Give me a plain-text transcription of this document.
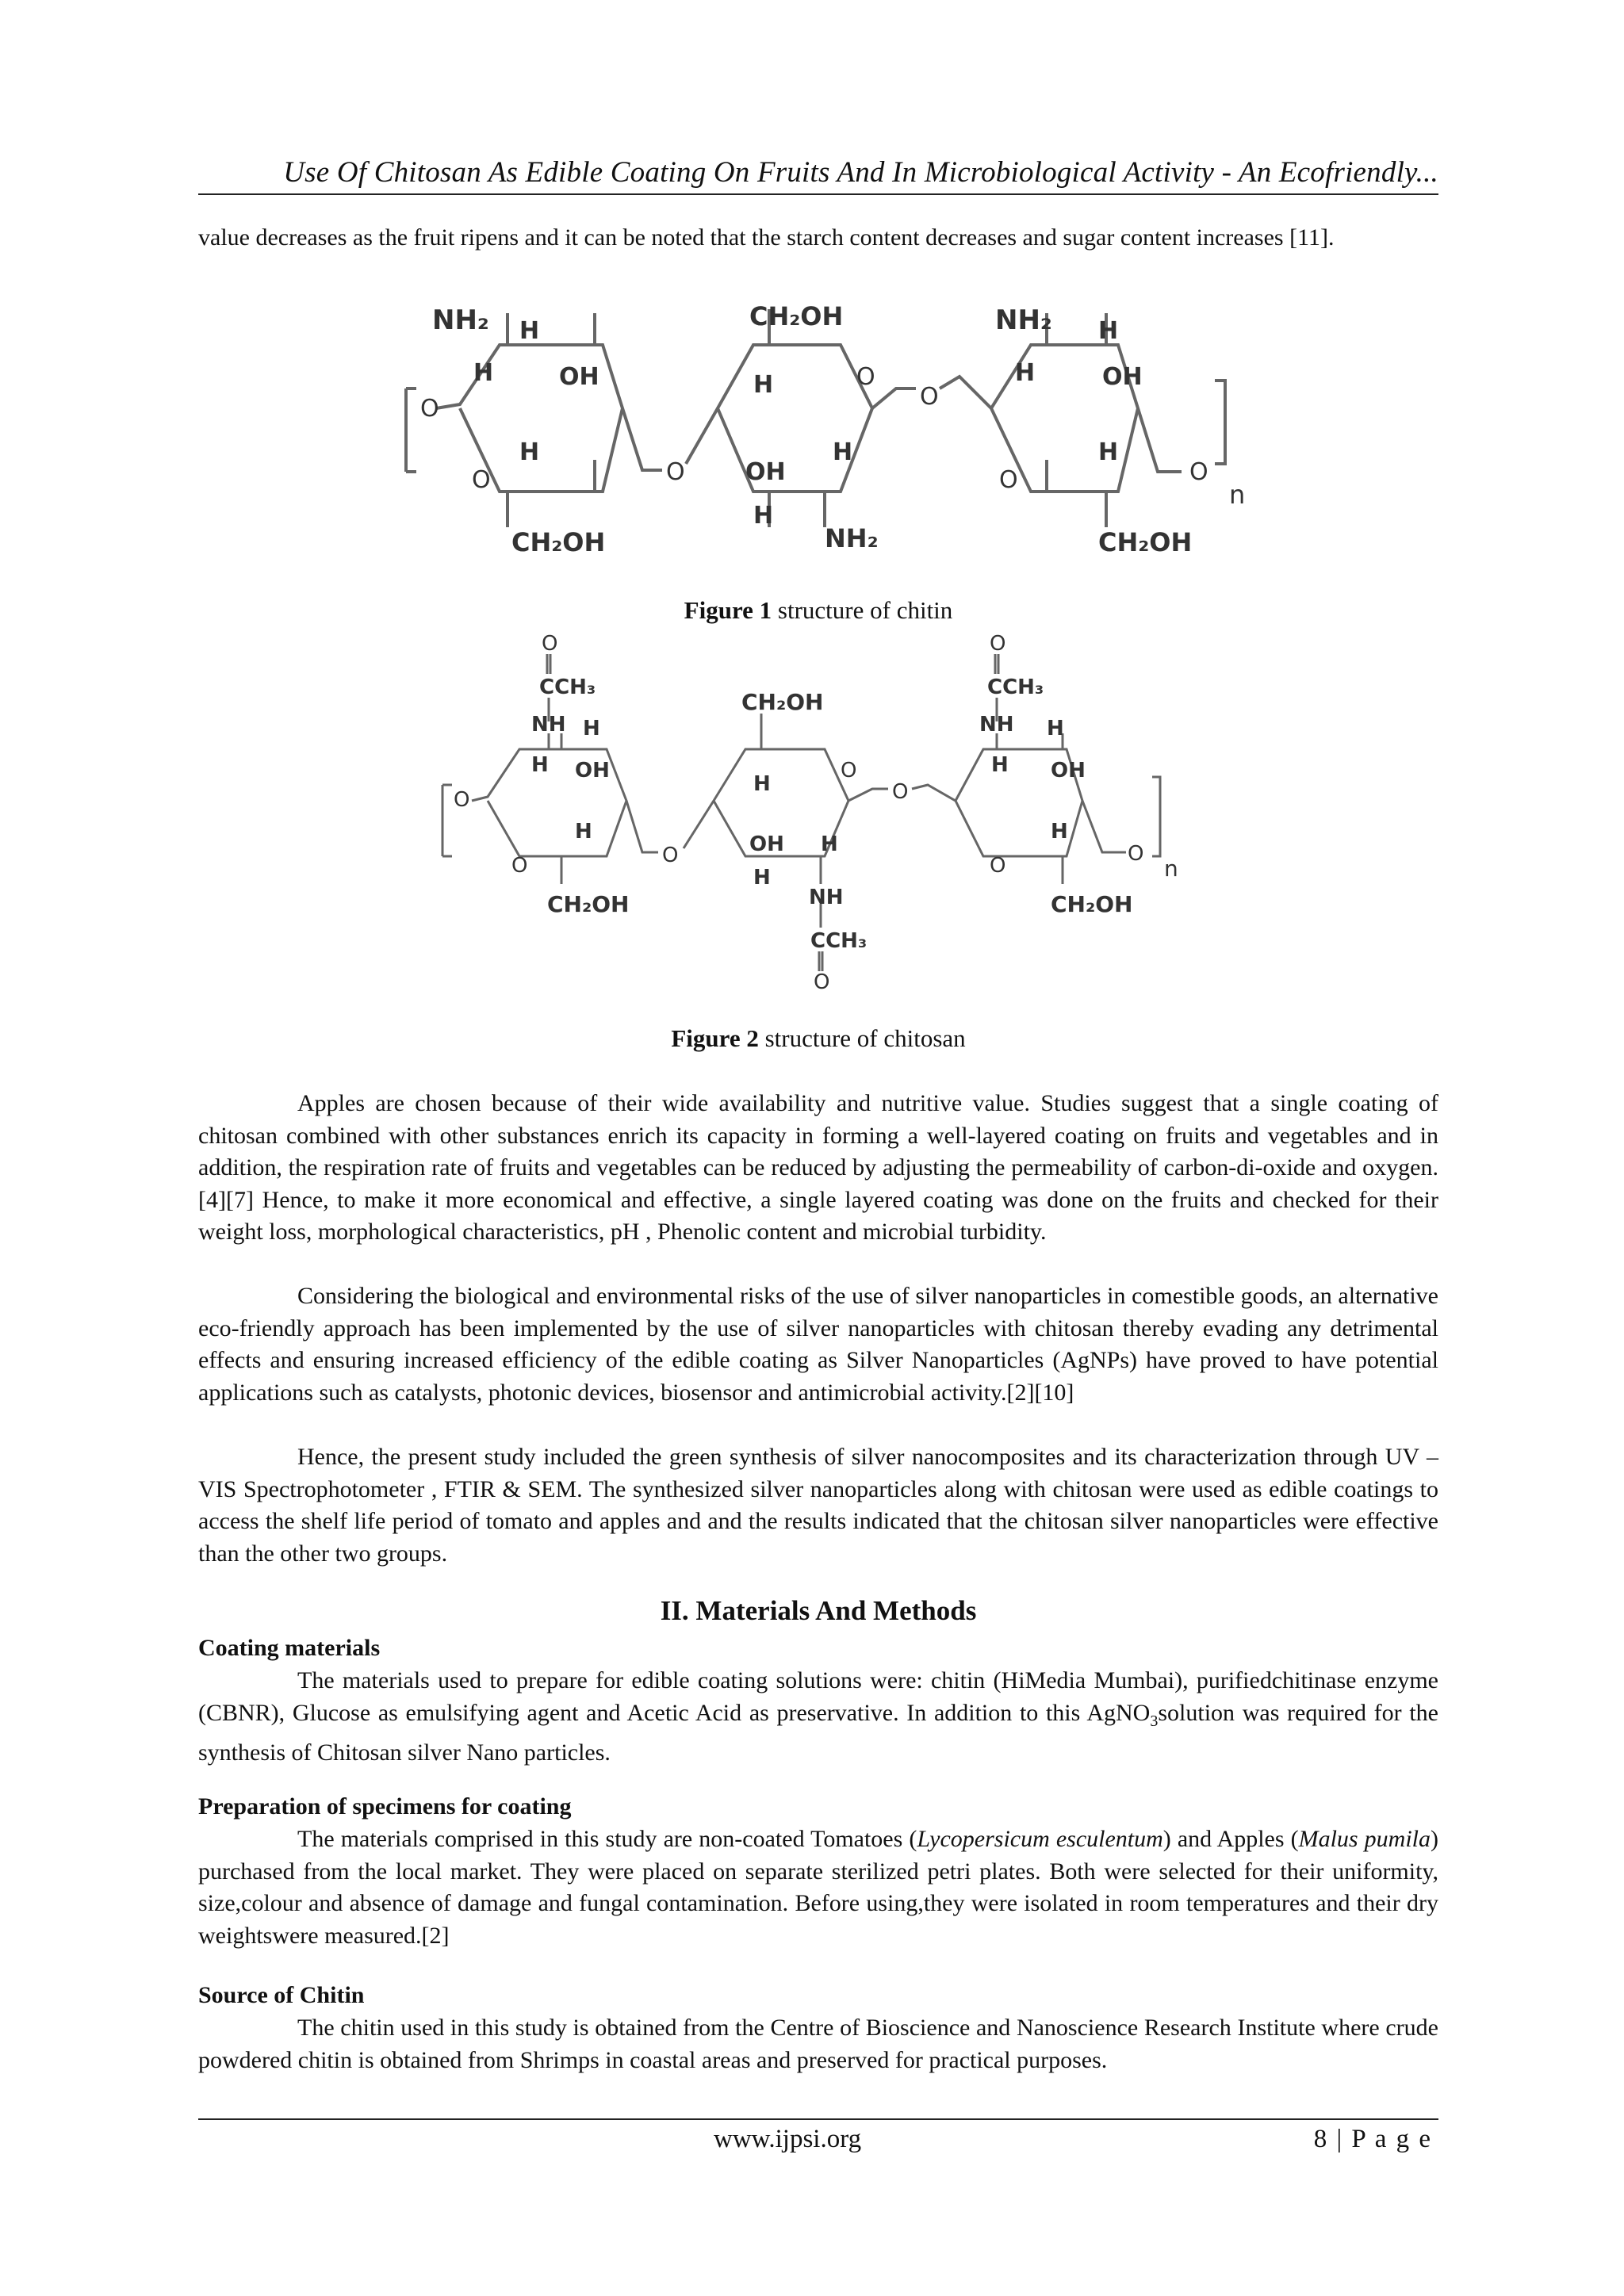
Use Of Chitosan As Edible Coating On Fruits And In Microbiological Activity - An Ecofriendly...

value decreases as the fruit ripens and it can be noted that the starch content decreases and sugar content increases [11].

NH₂ H
H	OH
O
O
H
CH₂OH
O
CH₂OH
O
H
OH
H
H
NH₂
O
NH₂ H
H	OH
O
H
CH₂OH
O
n
Figure 1 structure of chitin
O
CCH₃
NH H
H OH
O
O
H
CH₂OH
O
CH₂OH
O
H
OH H
H
NH
CCH₃
O
O
O
CCH₃
NH H
H OH
O
H
CH₂OH
O
n
Figure 2 structure of chitosan

Apples are chosen because of their wide availability and nutritive value. Studies suggest that a single coating of chitosan combined with other substances enrich its capacity in forming a well-layered coating on fruits and vegetables and in addition, the respiration rate of fruits and vegetables can be reduced by adjusting the permeability of carbon-di-oxide and oxygen.[4][7] Hence, to make it more economical and effective, a single layered coating was done on the fruits and checked for their weight loss, morphological characteristics, pH , Phenolic content and microbial turbidity.

Considering the biological and environmental risks of the use of silver nanoparticles in comestible goods, an alternative eco-friendly approach has been implemented by the use of silver nanoparticles with chitosan thereby evading any detrimental effects and ensuring increased efficiency of the edible coating as Silver Nanoparticles (AgNPs) have proved to have potential applications such as catalysts, photonic devices, biosensor and antimicrobial activity.[2][10]

Hence, the present study included the green synthesis of silver nanocomposites and its characterization through UV – VIS Spectrophotometer , FTIR & SEM. The synthesized silver nanoparticles along with chitosan were used as edible coatings to access the shelf life period of tomato and apples and and the results indicated that the chitosan silver nanoparticles were effective than the other two groups.

II. Materials And Methods
Coating materials

The materials used to prepare for edible coating solutions were: chitin (HiMedia Mumbai), purifiedchitinase enzyme (CBNR), Glucose as emulsifying agent and Acetic Acid as preservative. In addition to this AgNO$_3$solution was required for the synthesis of Chitosan silver Nano particles.

Preparation of specimens for coating

The materials comprised in this study are non-coated Tomatoes (Lycopersicum esculentum) and Apples (Malus pumila) purchased from the local market. They were placed on separate sterilized petri plates. Both were selected for their uniformity, size,colour and absence of damage and fungal contamination. Before using,they were isolated in room temperatures and their dry weightswere measured.[2]

Source of Chitin

The chitin used in this study is obtained from the Centre of Bioscience and Nanoscience Research Institute where crude powdered chitin is obtained from Shrimps in coastal areas and preserved for practical purposes.

www.ijpsi.org	8 | P a g e
